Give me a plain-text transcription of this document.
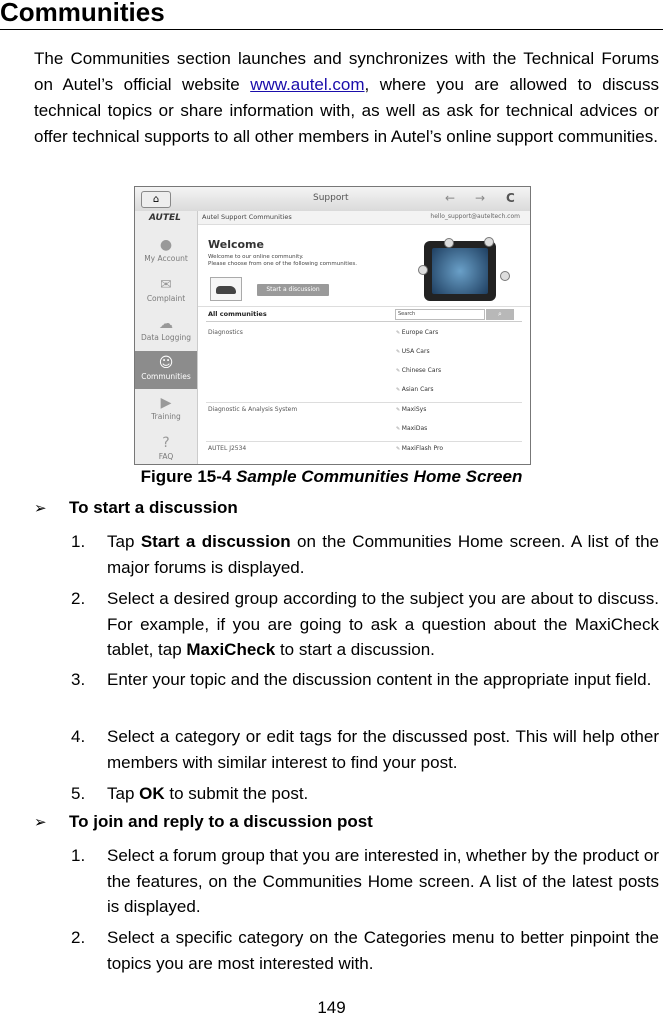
Communities

The Communities section launches and synchronizes with the Technical Forums on Autel’s official website www.autel.com, where you are allowed to discuss technical topics or share information with, as well as ask for technical advices or offer technical supports to all other members in Autel’s online support communities.

⌂	Support	← → C
AUTEL
●
My Account
✉
Complaint
☁
Data Logging
☺
Communities
▶
Training
?
FAQ
Autel Support Communities	hello_support@auteltech.com
Welcome
Welcome to our online community.
Please choose from one of the following communities.
Start a discussion
All communities	Search	⌕
Diagnostics	✎ Europe Cars
✎ USA Cars
✎ Chinese Cars
✎ Asian Cars
Diagnostic & Analysis System	✎ MaxiSys
✎ MaxiDas
AUTEL J2534	✎ MaxiFlash Pro
Figure 15-4 Sample Communities Home Screen
➢ To start a discussion
1. Tap Start a discussion on the Communities Home screen. A list of the major forums is displayed.
2. Select a desired group according to the subject you are about to discuss. For example, if you are going to ask a question about the MaxiCheck tablet, tap MaxiCheck to start a discussion.
3. Enter your topic and the discussion content in the appropriate input field.
4. Select a category or edit tags for the discussed post. This will help other members with similar interest to find your post.
5. Tap OK to submit the post.
➢ To join and reply to a discussion post
1. Select a forum group that you are interested in, whether by the product or the features, on the Communities Home screen. A list of the latest posts is displayed.
2. Select a specific category on the Categories menu to better pinpoint the topics you are most interested with.
149
